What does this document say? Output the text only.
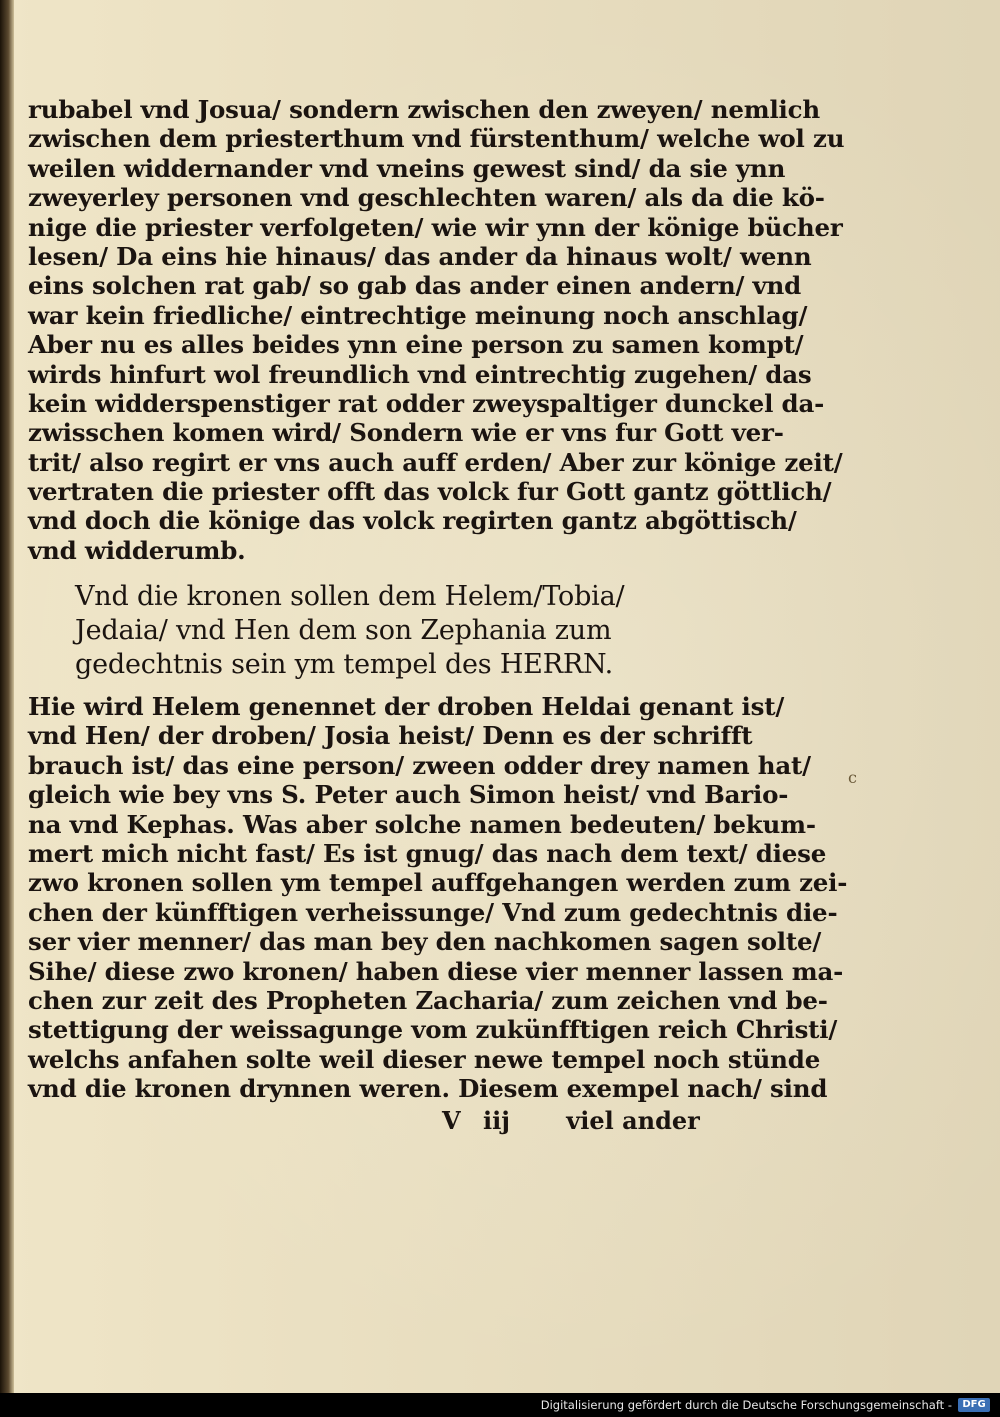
rubabel vnd Josua/ sondern zwischen den zweyen/ nemlich
zwischen dem priesterthum vnd fürstenthum/ welche wol zu
weilen widdernander vnd vneins gewest sind/ da sie ynn
zweyerley personen vnd geschlechten waren/ als da die kö-
nige die priester verfolgeten/ wie wir ynn der könige bücher
lesen/ Da eins hie hinaus/ das ander da hinaus wolt/ wenn
eins solchen rat gab/ so gab das ander einen andern/ vnd
war kein friedliche/ eintrechtige meinung noch anschlag/
Aber nu es alles beides ynn eine person zu samen kompt/
wirds hinfurt wol freundlich vnd eintrechtig zugehen/ das
kein widderspenstiger rat odder zweyspaltiger dunckel da-
zwisschen komen wird/ Sondern wie er vns fur Gott ver-
trit/ also regirt er vns auch auff erden/ Aber zur könige zeit/
vertraten die priester offt das volck fur Gott gantz göttlich/
vnd doch die könige das volck regirten gantz abgöttisch/
vnd widderumb.
Vnd die kronen sollen dem Helem/Tobia/
Jedaia/ vnd Hen dem son Zephania zum
gedechtnis sein ym tempel des HERRN.
Hie wird Helem genennet der droben Heldai genant ist/
vnd Hen/ der droben/ Josia heist/ Denn es der schrifft
brauch ist/ das eine person/ zween odder drey namen hat/
gleich wie bey vns S. Peter auch Simon heist/ vnd Bario-
na vnd Kephas. Was aber solche namen bedeuten/ bekum-
mert mich nicht fast/ Es ist gnug/ das nach dem text/ diese
zwo kronen sollen ym tempel auffgehangen werden zum zei-
chen der künfftigen verheissunge/ Vnd zum gedechtnis die-
ser vier menner/ das man bey den nachkomen sagen solte/
Sihe/ diese zwo kronen/ haben diese vier menner lassen ma-
chen zur zeit des Propheten Zacharia/ zum zeichen vnd be-
stettigung der weissagunge vom zukünfftigen reich Christi/
welchs anfahen solte weil dieser newe tempel noch stünde
vnd die kronen drynnen weren. Diesem exempel nach/ sind
V iij viel ander
c
Digitalisierung gefördert durch die Deutsche Forschungsgemeinschaft -	DFG
